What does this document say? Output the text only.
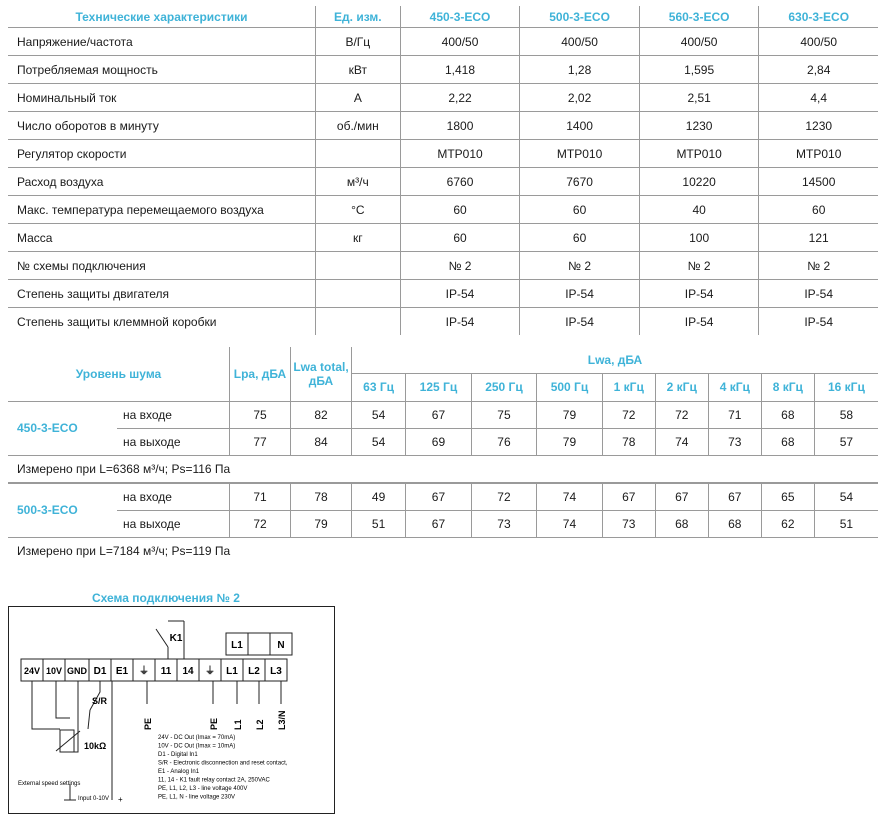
Технические характеристики	Ед. изм.	450-3-ECO	500-3-ECO	560-3-ECO	630-3-ECO
Напряжение/частота	В/Гц	400/50	400/50	400/50	400/50
Потребляемая мощность	кВт	1,418	1,28	1,595	2,84
Номинальный ток	А	2,22	2,02	2,51	4,4
Число оборотов в минуту	об./мин	1800	1400	1230	1230
Регулятор скорости		MTP010	MTP010	MTP010	MTP010
Расход воздуха	м³/ч	6760	7670	10220	14500
Макс. температура перемещаемого воздуха	°C	60	60	40	60
Масса	кг	60	60	100	121
№ схемы подключения		№ 2	№ 2	№ 2	№ 2
Степень защиты двигателя		IP-54	IP-54	IP-54	IP-54
Степень защиты клеммной коробки		IP-54	IP-54	IP-54	IP-54
Уровень шума		Lpa, дБА	Lwa total, дБА	Lwa, дБА								
				63 Гц	125 Гц	250 Гц	500 Гц	1 кГц	2 кГц	4 кГц	8 кГц	16 кГц
450-3-ECO	на входе	75	82	54	67	75	79	72	72	71	68	58
	на выходе	77	84	54	69	76	79	78	74	73	68	57
Измерено при L=6368 м³/ч; Ps=116 Па												

500-3-ECO	на входе	71	78	49	67	72	74	67	67	67	65	54
	на выходе	72	79	51	67	73	74	73	68	68	62	51
Измерено при L=7184 м³/ч; Ps=119 Па												
Схема подключения № 2
24V 10V GND D1 E1 ⏚ 11 14 ⏚ L1 L2 L3
K1
L1	N
PE	PE L1 L2 L3/N
S/R
10kΩ
External speed settings
Input 0-10V +
24V - DC Out (Imax = 70mA)
10V - DC Out (Imax = 10mA)
D1 - Digital In1
S/R - Electronic disconnection and reset contact,
E1 - Analog In1
11, 14 - K1 fault relay contact 2A, 250VAC
PE, L1, L2, L3 - line voltage 400V
PE, L1, N - line voltage 230V
